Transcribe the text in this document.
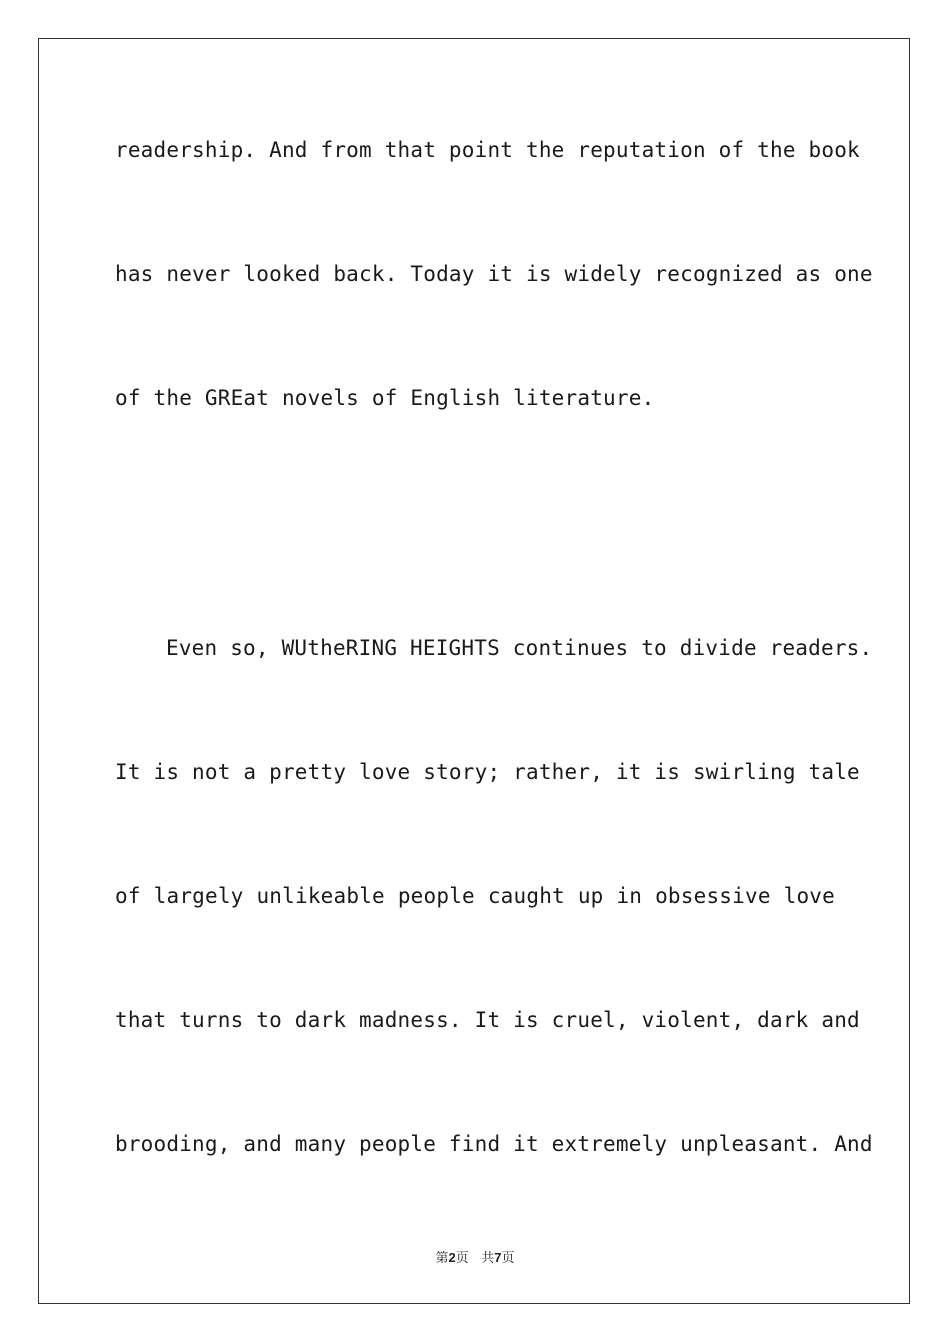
readership. And from that point the reputation of the book
has never looked back. Today it is widely recognized as one
of the GREat novels of English literature.
Even so, WUtheRING HEIGHTS continues to divide readers.
It is not a pretty love story; rather, it is swirling tale
of largely unlikeable people caught up in obsessive love
that turns to dark madness. It is cruel, violent, dark and
brooding, and many people find it extremely unpleasant. And
第2页 共7页
